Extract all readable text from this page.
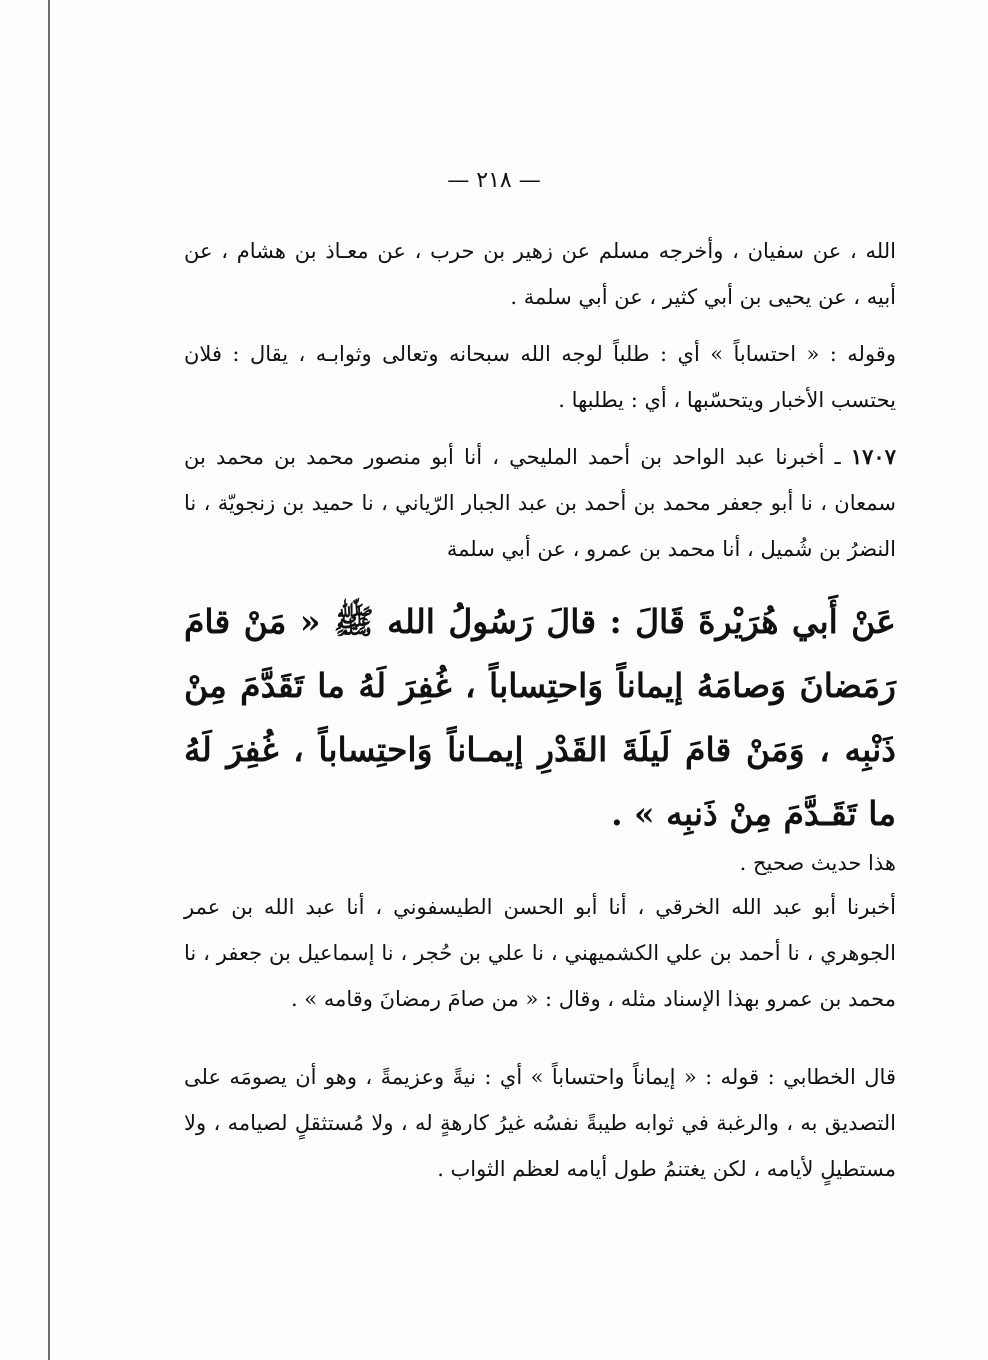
— ٢١٨ —

الله ، عن سفيان ، وأخرجه مسلم عن زهير بن حرب ، عن معـاذ بن هشام ، عن أبيه ، عن يحيى بن أبي كثير ، عن أبي سلمة .

وقوله : « احتساباً » أي : طلباً لوجه الله سبحانه وتعالى وثوابـه ، يقال : فلان يحتسب الأخبار ويتحسّبها ، أي : يطلبها .

١٧٠٧ ـ أخبرنا عبد الواحد بن أحمد المليحي ، أنا أبو منصور محمد بن محمد بن سمعان ، نا أبو جعفر محمد بن أحمد بن عبد الجبار الرّياني ، نا حميد بن زنجويّة ، نا النضرُ بن شُميل ، أنا محمد بن عمرو ، عن أبي سلمة

عَنْ أَبي هُرَيْرةَ قَالَ : قالَ رَسُولُ الله ﷺ « مَنْ قامَ رَمَضانَ وَصامَهُ إيماناً وَاحتِساباً ، غُفِرَ لَهُ ما تَقَدَّمَ مِنْ ذَنْبِه ، وَمَنْ قامَ لَيلَةَ القَدْرِ إيمـاناً وَاحتِساباً ، غُفِرَ لَهُ ما تَقَـدَّمَ مِنْ ذَنبِه » .

هذا حديث صحيح .

أخبرنا أبو عبد الله الخرقي ، أنا أبو الحسن الطيسفوني ، أنا عبد الله بن عمر الجوهري ، نا أحمد بن علي الكشميهني ، نا علي بن حُجر ، نا إسماعيل بن جعفر ، نا محمد بن عمرو بهذا الإسناد مثله ، وقال : « من صامَ رمضانَ وقامه » .

قال الخطابي : قوله : « إيماناً واحتساباً » أي : نيةً وعزيمةً ، وهو أن يصومَه على التصديق به ، والرغبة في ثوابه طيبةً نفسُه غيرُ كارهةٍ له ، ولا مُستثقلٍ لصيامه ، ولا مستطيلٍ لأيامه ، لكن يغتنمُ طول أيامه لعظم الثواب .
